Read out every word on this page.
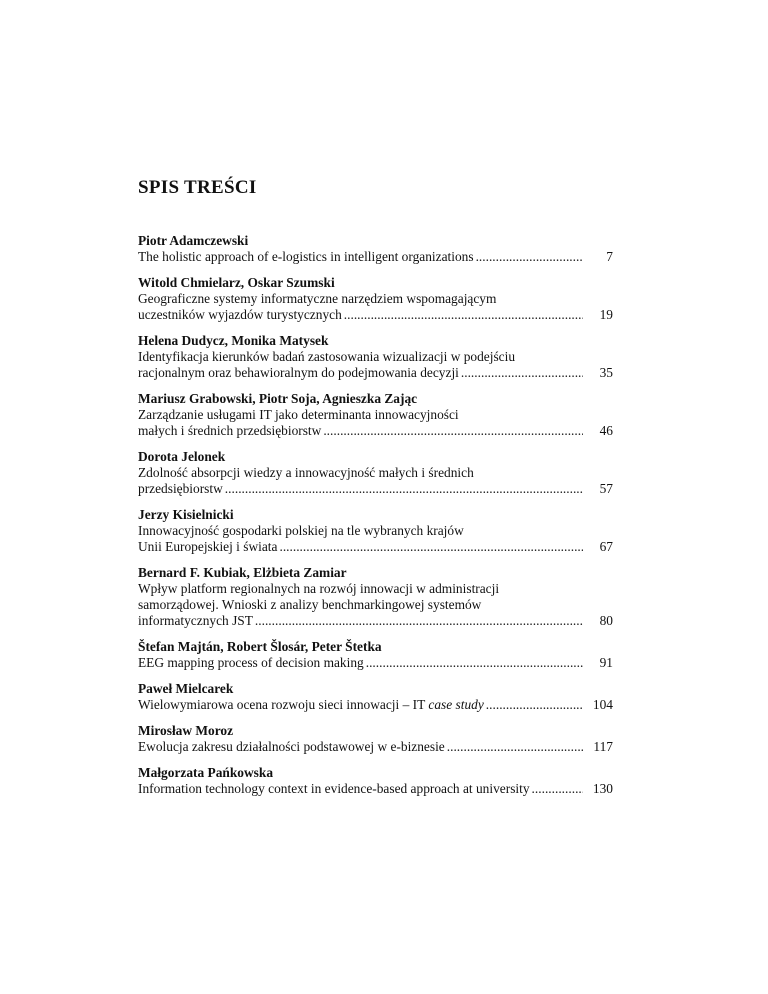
SPIS TREŚCI
Piotr Adamczewski
The holistic approach of e-logistics in intelligent organizations .....	7
Witold Chmielarz, Oskar Szumski
Geograficzne systemy informatyczne narzędziem wspomagającym
uczestników wyjazdów turystycznych .....	19
Helena Dudycz, Monika Matysek
Identyfikacja kierunków badań zastosowania wizualizacji w podejściu
racjonalnym oraz behawioralnym do podejmowania decyzji .....	35
Mariusz Grabowski, Piotr Soja, Agnieszka Zając
Zarządzanie usługami IT jako determinanta innowacyjności
małych i średnich przedsiębiorstw .....	46
Dorota Jelonek
Zdolność absorpcji wiedzy a innowacyjność małych i średnich
przedsiębiorstw .....	57
Jerzy Kisielnicki
Innowacyjność gospodarki polskiej na tle wybranych krajów
Unii Europejskiej i świata .....	67
Bernard F. Kubiak, Elżbieta Zamiar
Wpływ platform regionalnych na rozwój innowacji w administracji
samorządowej. Wnioski z analizy benchmarkingowej systemów
informatycznych JST .....	80
Štefan Majtán, Robert Šlosár, Peter Štetka
EEG mapping process of decision making .....	91
Paweł Mielcarek
Wielowymiarowa ocena rozwoju sieci innowacji – IT case study .....	104
Mirosław Moroz
Ewolucja zakresu działalności podstawowej w e-biznesie .....	117
Małgorzata Pańkowska
Information technology context in evidence-based approach at university .....	130
